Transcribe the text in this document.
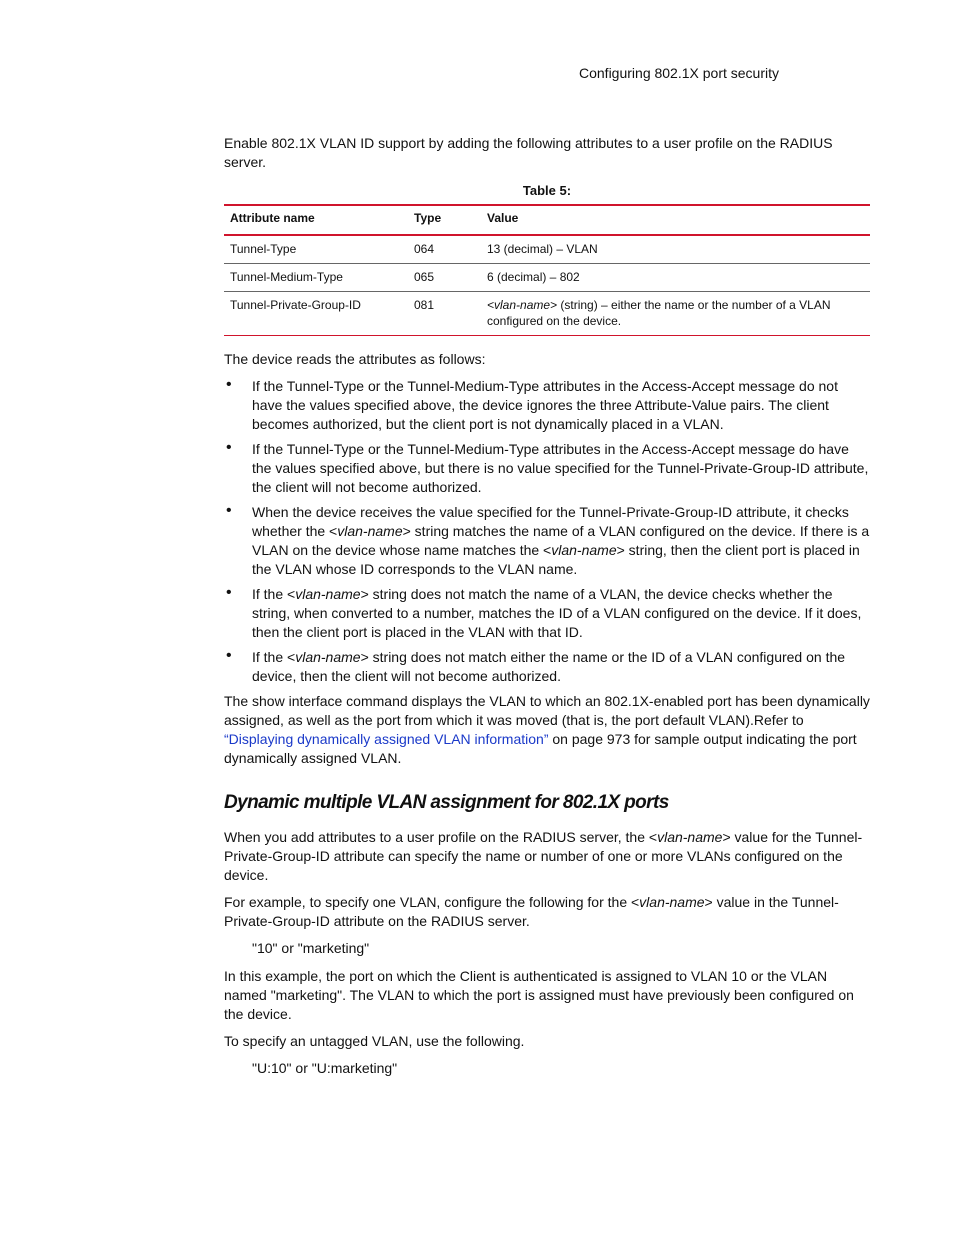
Configuring 802.1X port security

Enable 802.1X VLAN ID support by adding the following attributes to a user profile on the RADIUS server.

Table 5:
Attribute name	Type	Value
Tunnel-Type	064	13 (decimal) – VLAN
Tunnel-Medium-Type	065	6 (decimal) – 802
Tunnel-Private-Group-ID	081	<vlan-name> (string) – either the name or the number of a VLAN configured on the device.

The device reads the attributes as follows:

• If the Tunnel-Type or the Tunnel-Medium-Type attributes in the Access-Accept message do not have the values specified above, the device ignores the three Attribute-Value pairs. The client becomes authorized, but the client port is not dynamically placed in a VLAN.
• If the Tunnel-Type or the Tunnel-Medium-Type attributes in the Access-Accept message do have the values specified above, but there is no value specified for the Tunnel-Private-Group-ID attribute, the client will not become authorized.
• When the device receives the value specified for the Tunnel-Private-Group-ID attribute, it checks whether the <vlan-name> string matches the name of a VLAN configured on the device. If there is a VLAN on the device whose name matches the <vlan-name> string, then the client port is placed in the VLAN whose ID corresponds to the VLAN name.
• If the <vlan-name> string does not match the name of a VLAN, the device checks whether the string, when converted to a number, matches the ID of a VLAN configured on the device. If it does, then the client port is placed in the VLAN with that ID.
• If the <vlan-name> string does not match either the name or the ID of a VLAN configured on the device, then the client will not become authorized.

The show interface command displays the VLAN to which an 802.1X-enabled port has been dynamically assigned, as well as the port from which it was moved (that is, the port default VLAN).Refer to “Displaying dynamically assigned VLAN information” on page 973 for sample output indicating the port dynamically assigned VLAN.

Dynamic multiple VLAN assignment for 802.1X ports

When you add attributes to a user profile on the RADIUS server, the <vlan-name> value for the Tunnel-Private-Group-ID attribute can specify the name or number of one or more VLANs configured on the device.

For example, to specify one VLAN, configure the following for the <vlan-name> value in the Tunnel-Private-Group-ID attribute on the RADIUS server.

"10" or "marketing"

In this example, the port on which the Client is authenticated is assigned to VLAN 10 or the VLAN named "marketing". The VLAN to which the port is assigned must have previously been configured on the device.

To specify an untagged VLAN, use the following.

"U:10" or "U:marketing"
